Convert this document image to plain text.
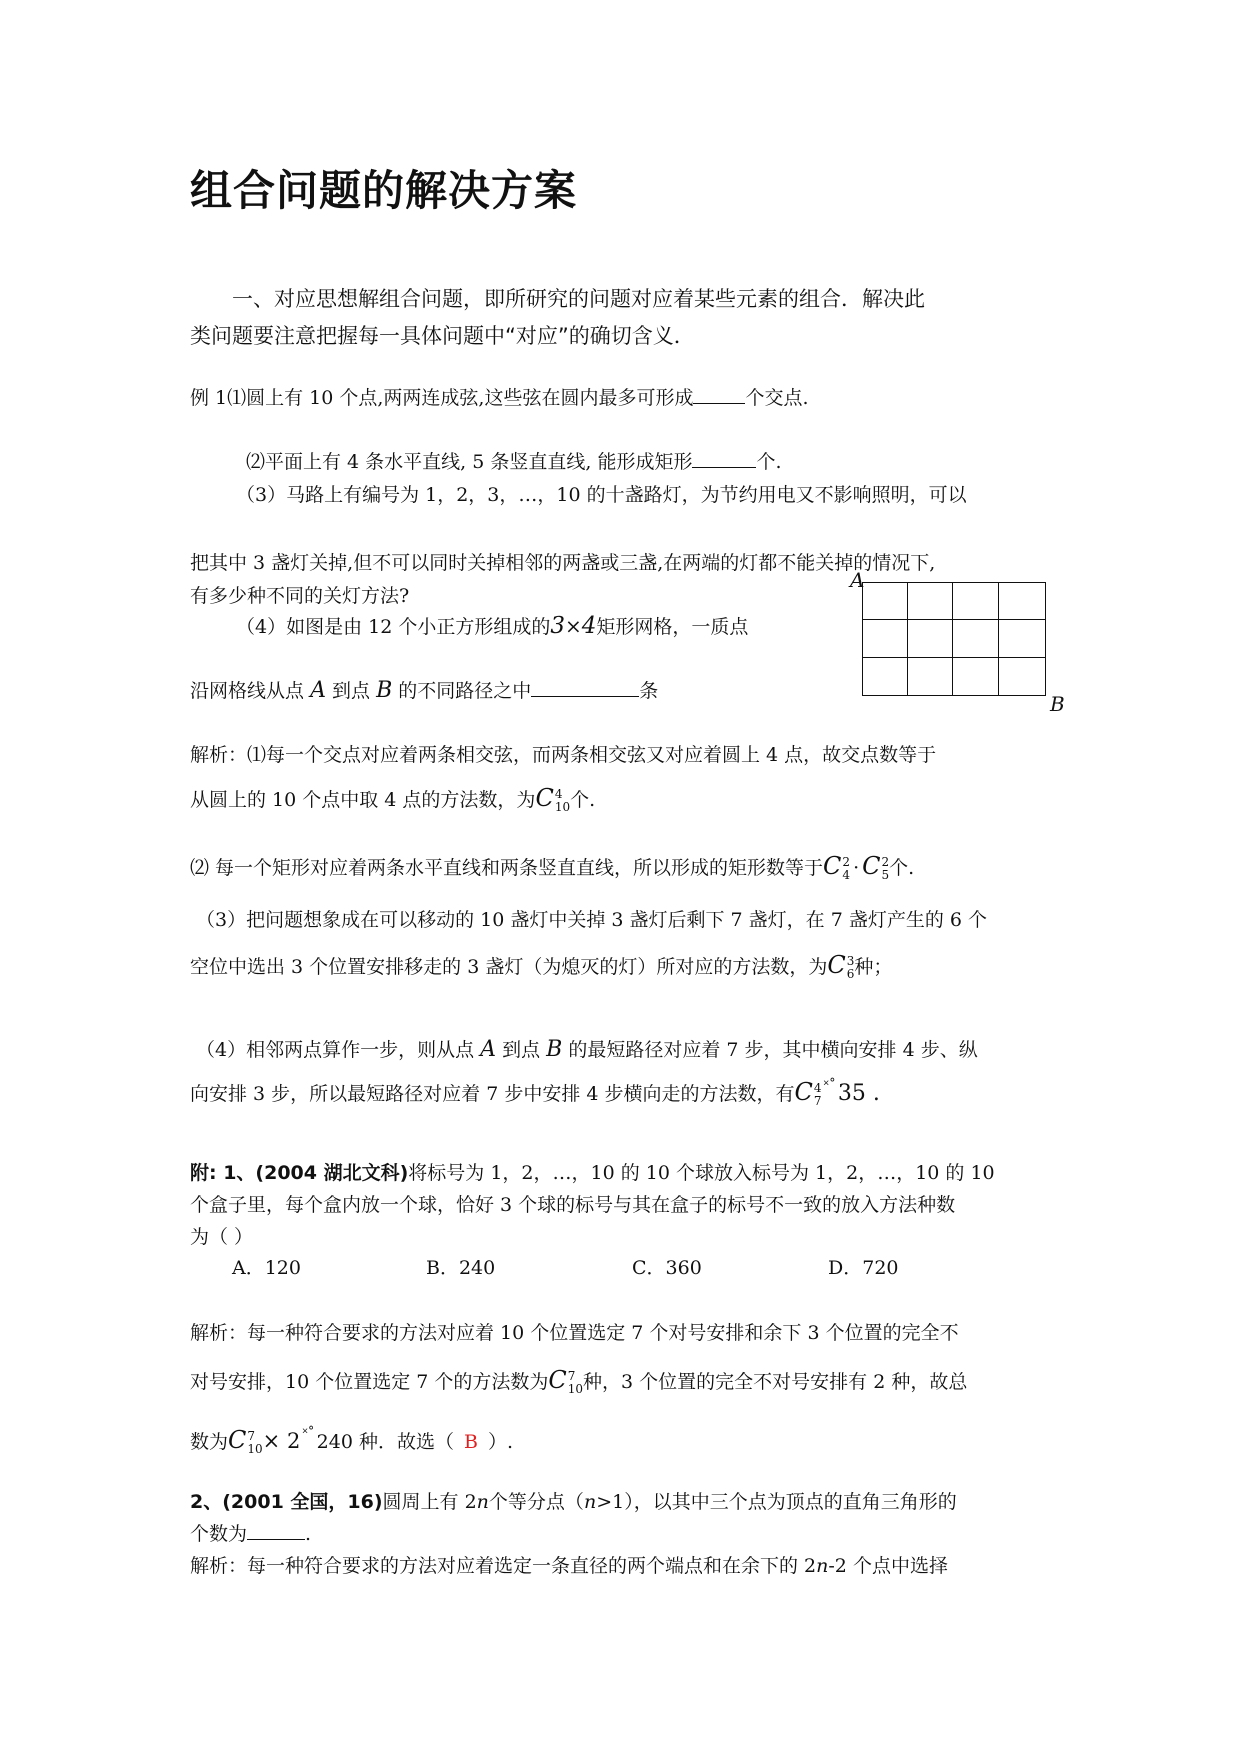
组合问题的解决方案
一、对应思想解组合问题，即所研究的问题对应着某些元素的组合．解决此
类问题要注意把握每一具体问题中“对应”的确切含义．
例 1⑴圆上有 10 个点,两两连成弦,这些弦在圆内最多可形成	个交点.
⑵平面上有 4 条水平直线, 5 条竖直直线, 能形成矩形	个.
（3）马路上有编号为 1，2，3，…，10 的十盏路灯，为节约用电又不影响照明，可以
把其中 3 盏灯关掉,但不可以同时关掉相邻的两盏或三盏,在两端的灯都不能关掉的情况下,
有多少种不同的关灯方法?
（4）如图是由 12 个小正方形组成的3×4矩形网格，一质点
沿网格线从点 A 到点 B 的不同路径之中	条
A
B
解析：⑴每一个交点对应着两条相交弦，而两条相交弦又对应着圆上 4 点，故交点数等于
从圆上的 10 个点中取 4 点的方法数，为C 4
10 个.
⑵ 每一个矩形对应着两条水平直线和两条竖直直线，所以形成的矩形数等于C 2
4 · C 2
5 个.
（3）把问题想象成在可以移动的 10 盏灯中关掉 3 盏灯后剩下 7 盏灯，在 7 盏灯产生的 6 个
空位中选出 3 个位置安排移走的 3 盏灯（为熄灭的灯）所对应的方法数，为C 3
6 种；
（4）相邻两点算作一步，则从点 A 到点 B 的最短路径对应着 7 步，其中横向安排 4 步、纵
向安排 3 步，所以最短路径对应着 7 步中安排 4 步横向走的方法数，有C 4
7
˟˚35 .
附: 1、(2004 湖北文科)将标号为 1，2，…，10 的 10 个球放入标号为 1，2，…，10 的 10
个盒子里，每个盒内放一个球，恰好 3 个球的标号与其在盒子的标号不一致的放入方法种数
为（ ）
A．120	B．240	C．360	D．720
解析：每一种符合要求的方法对应着 10 个位置选定 7 个对号安排和余下 3 个位置的完全不
对号安排，10 个位置选定 7 个的方法数为C 7
10 种，3 个位置的完全不对号安排有 2 种，故总
数为C 7
10 × 2 ˟˚ 240 种．故选（ B ）.
2、(2001 全国，16)圆周上有 2n个等分点（n>1），以其中三个点为顶点的直角三角形的
个数为	.
解析：每一种符合要求的方法对应着选定一条直径的两个端点和在余下的 2n-2 个点中选择
